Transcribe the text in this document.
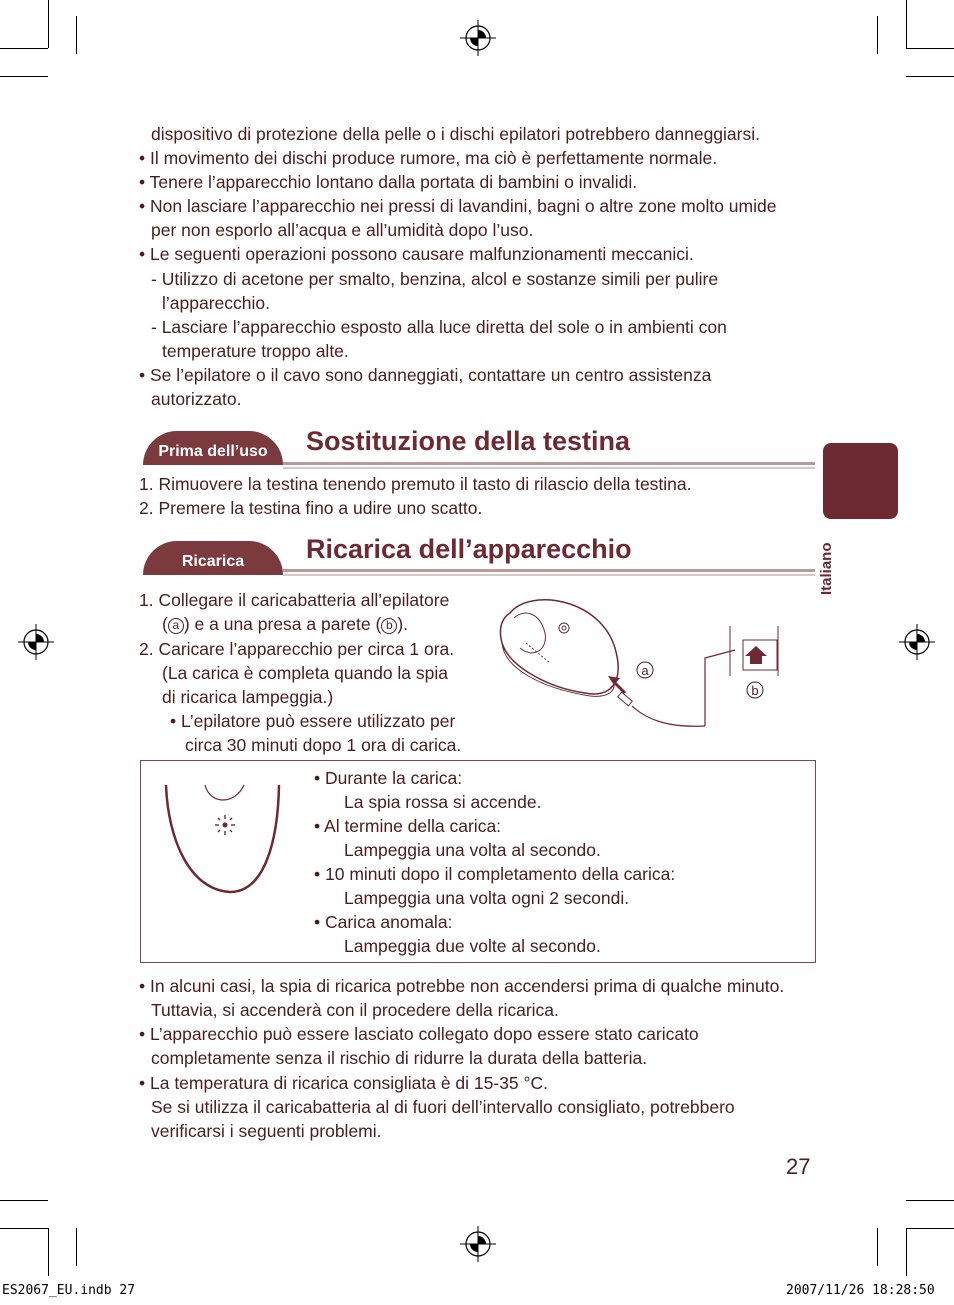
dispositivo di protezione della pelle o i dischi epilatori potrebbero danneggiarsi.
• Il movimento dei dischi produce rumore, ma ciò è perfettamente normale.
• Tenere l’apparecchio lontano dalla portata di bambini o invalidi.
• Non lasciare l’apparecchio nei pressi di lavandini, bagni o altre zone molto umide
per non esporlo all’acqua e all’umidità dopo l’uso.
• Le seguenti operazioni possono causare malfunzionamenti meccanici.
- Utilizzo di acetone per smalto, benzina, alcol e sostanze simili per pulire
l’apparecchio.
- Lasciare l’apparecchio esposto alla luce diretta del sole o in ambienti con
temperature troppo alte.
• Se l’epilatore o il cavo sono danneggiati, contattare un centro assistenza
autorizzato.
Prima dell’uso	Sostituzione della testina
1. Rimuovere la testina tenendo premuto il tasto di rilascio della testina.
2. Premere la testina fino a udire uno scatto.
Ricarica	Ricarica dell’apparecchio
1. Collegare il caricabatteria all’epilatore
( a ) e a una presa a parete ( b ).
2. Caricare l’apparecchio per circa 1 ora.
(La carica è completa quando la spia
di ricarica lampeggia.)
• L’epilatore può essere utilizzato per
circa 30 minuti dopo 1 ora di carica.
a
b
• Durante la carica:
La spia rossa si accende.
• Al termine della carica:
Lampeggia una volta al secondo.
• 10 minuti dopo il completamento della carica:
Lampeggia una volta ogni 2 secondi.
• Carica anomala:
Lampeggia due volte al secondo.
• In alcuni casi, la spia di ricarica potrebbe non accendersi prima di qualche minuto.
Tuttavia, si accenderà con il procedere della ricarica.
• L’apparecchio può essere lasciato collegato dopo essere stato caricato
completamente senza il rischio di ridurre la durata della batteria.
• La temperatura di ricarica consigliata è di 15-35 °C.
Se si utilizza il caricabatteria al di fuori dell’intervallo consigliato, potrebbero
verificarsi i seguenti problemi.
Italiano
27
ES2067_EU.indb 27	2007/11/26 18:28:50
